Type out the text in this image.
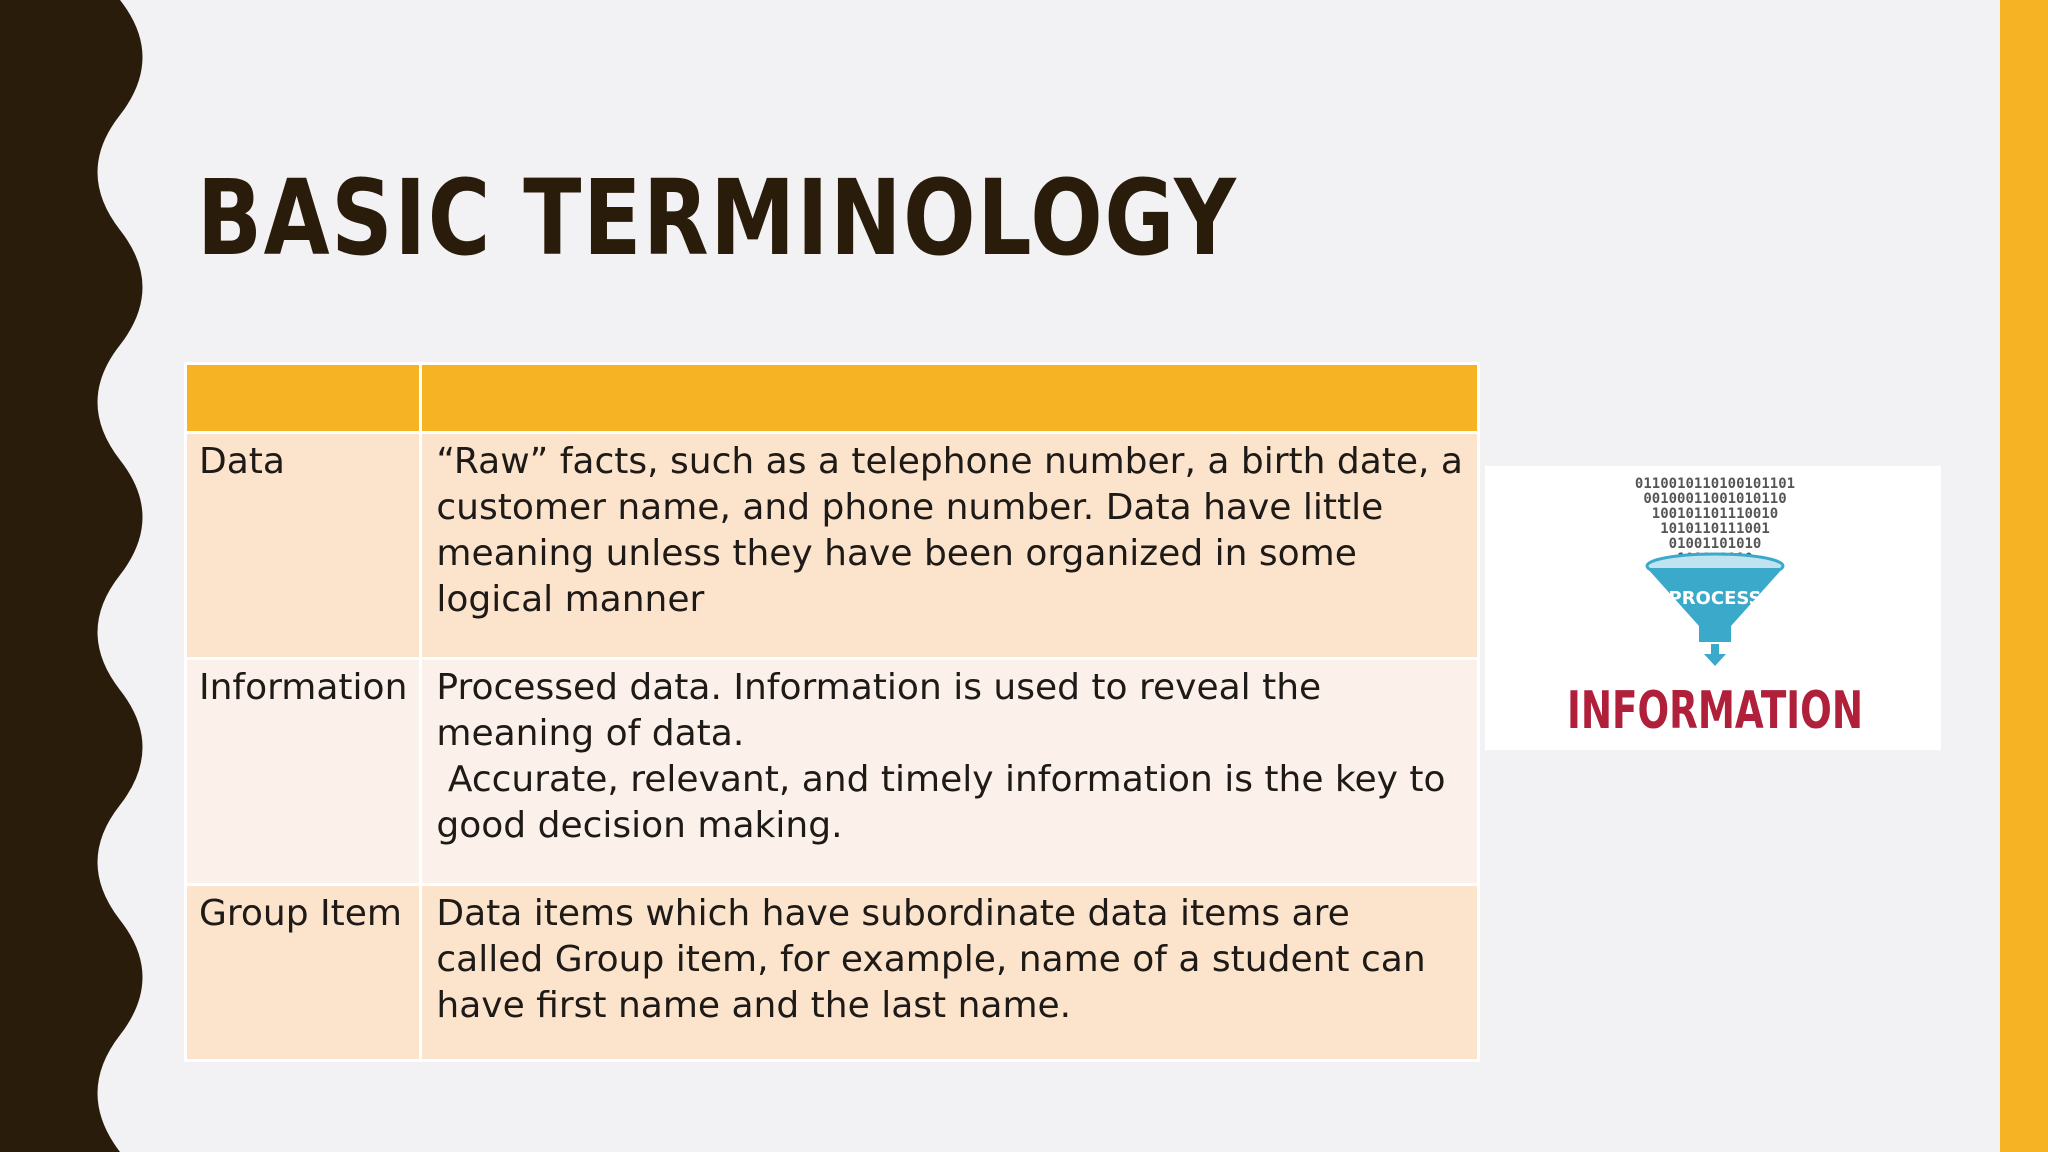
BASIC TERMINOLOGY

Data	“Raw” facts, such as a telephone number, a birth date, a
customer name, and phone number. Data have little
meaning unless they have been organized in some
logical manner

Information	Processed data. Information is used to reveal the
meaning of data.
Accurate, relevant, and timely information is the key to
good decision making.

Group Item	Data items which have subordinate data items are
called Group item, for example, name of a student can
have first name and the last name.
0110010110100101101
0010001100101011​0
100101101110010
101011011100​1
01001101010
PROCESS
INFORMATION
